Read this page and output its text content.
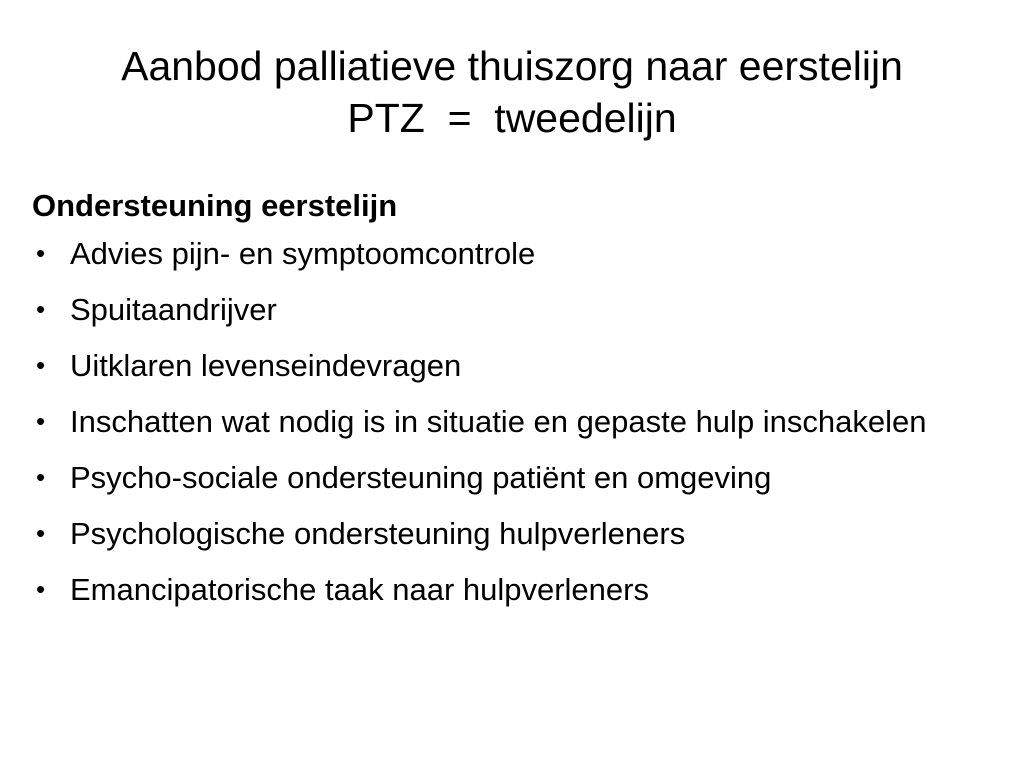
Aanbod palliatieve thuiszorg naar eerstelijn
PTZ  =  tweedelijn
Ondersteuning eerstelijn
• Advies pijn- en symptoomcontrole
• Spuitaandrijver
• Uitklaren levenseindevragen
• Inschatten wat nodig is in situatie en gepaste hulp inschakelen
• Psycho-sociale ondersteuning patiënt en omgeving
• Psychologische ondersteuning hulpverleners
• Emancipatorische taak naar hulpverleners
